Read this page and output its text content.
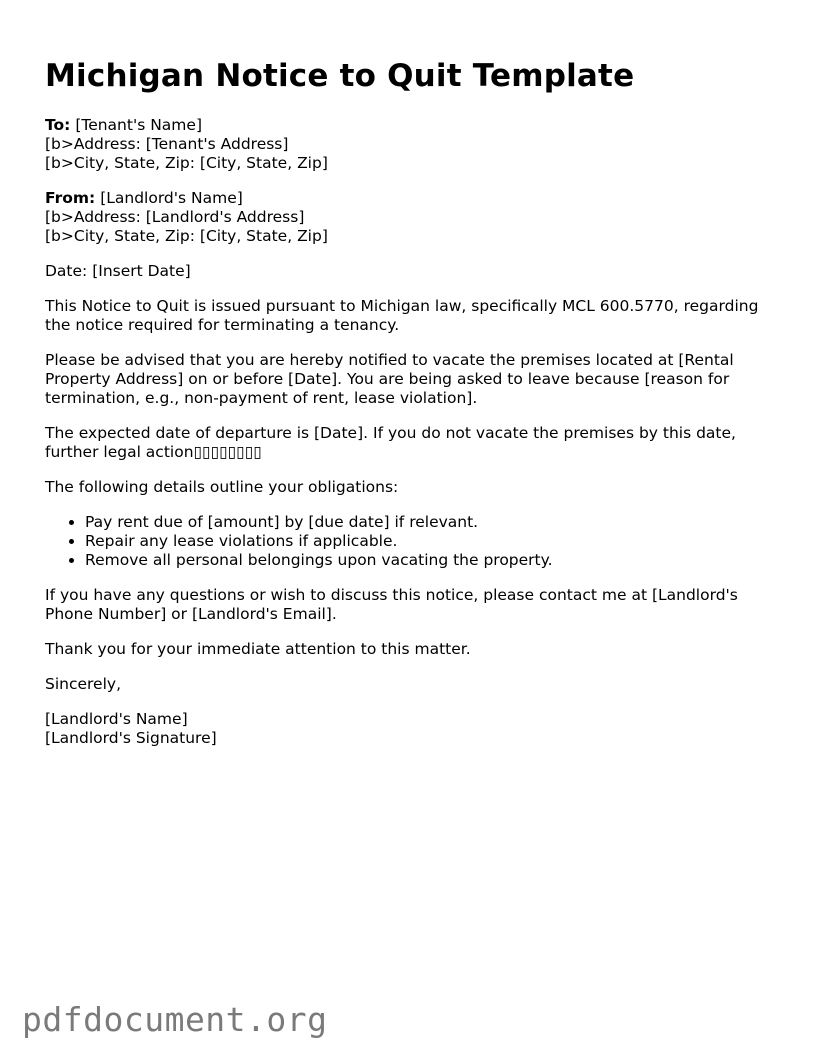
Michigan Notice to Quit Template
To: [Tenant's Name]
[b>Address: [Tenant's Address]
[b>City, State, Zip: [City, State, Zip]
From: [Landlord's Name]
[b>Address: [Landlord's Address]
[b>City, State, Zip: [City, State, Zip]

Date: [Insert Date]

This Notice to Quit is issued pursuant to Michigan law, specifically MCL 600.5770, regarding the notice required for terminating a tenancy.

Please be advised that you are hereby notified to vacate the premises located at [Rental Property Address] on or before [Date]. You are being asked to leave because [reason for termination, e.g., non-payment of rent, lease violation].

The expected date of departure is [Date]. If you do not vacate the premises by this date, further legal action▯▯▯▯▯▯▯▯

The following details outline your obligations:

• Pay rent due of [amount] by [due date] if relevant.
• Repair any lease violations if applicable.
• Remove all personal belongings upon vacating the property.

If you have any questions or wish to discuss this notice, please contact me at [Landlord's Phone Number] or [Landlord's Email].

Thank you for your immediate attention to this matter.

Sincerely,

[Landlord's Name]
[Landlord's Signature]
pdfdocument.org
